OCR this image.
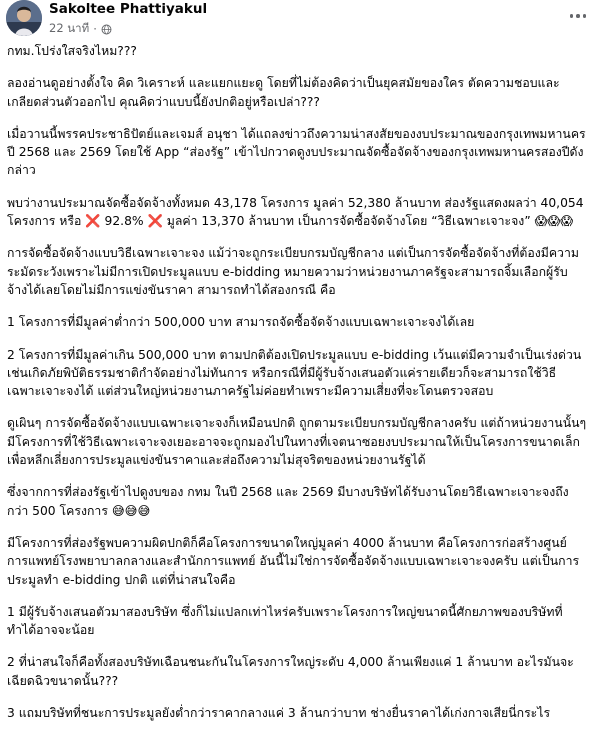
Sakoltee Phattiyakul
22 นาที ·

กทม.โปร่งใสจริงไหม???

ลองอ่านดูอย่างตั้งใจ คิด วิเคราะห์ และแยกแยะดู โดยที่ไม่ต้องคิดว่าเป็นยุคสมัยของใคร ตัดความชอบและเกลียดส่วนตัวออกไป คุณคิดว่าแบบนี้ยังปกติอยู่หรือเปล่า???

เมื่อวานนี้พรรคประชาธิปัตย์และเจมส์ อนุชา ได้แถลงข่าวถึงความน่าสงสัยของงบประมาณของกรุงเทพมหานครปี 2568 และ 2569 โดยใช้ App “ส่องรัฐ” เข้าไปกวาดดูงบประมาณจัดซื้อจัดจ้างของกรุงเทพมหานครสองปีดังกล่าว

พบว่างานประมาณจัดซื้อจัดจ้างทั้งหมด 43,178 โครงการ มูลค่า 52,380 ล้านบาท ส่องรัฐแสดงผลว่า 40,054 โครงการ หรือ ❌ 92.8% ❌ มูลค่า 13,370 ล้านบาท เป็นการจัดซื้อจัดจ้างโดย “วิธีเฉพาะเจาะจง” 😱😱😱

การจัดซื้อจัดจ้างแบบวิธีเฉพาะเจาะจง แม้ว่าจะถูกระเบียบกรมบัญชีกลาง แต่เป็นการจัดซื้อจัดจ้างที่ต้องมีความระมัดระวังเพราะไม่มีการเปิดประมูลแบบ e-bidding หมายความว่าหน่วยงานภาครัฐจะสามารถจิ้มเลือกผู้รับจ้างได้เลยโดยไม่มีการแข่งขันราคา สามารถทำได้สองกรณี คือ

1 โครงการที่มีมูลค่าต่ำกว่า 500,000 บาท สามารถจัดซื้อจัดจ้างแบบเฉพาะเจาะจงได้เลย

2 โครงการที่มีมูลค่าเกิน 500,000 บาท ตามปกติต้องเปิดประมูลแบบ e-bidding เว้นแต่มีความจำเป็นเร่งด่วน เช่นเกิดภัยพิบัติธรรมชาติกำจัดอย่างไม่ทันการ หรือกรณีที่มีผู้รับจ้างเสนอตัวแค่รายเดียวก็จะสามารถใช้วิธีเฉพาะเจาะจงได้ แต่ส่วนใหญ่หน่วยงานภาครัฐไม่ค่อยทำเพราะมีความเสี่ยงที่จะโดนตรวจสอบ

ดูเผินๆ การจัดซื้อจัดจ้างแบบเฉพาะเจาะจงก็เหมือนปกติ ถูกตามระเบียบกรมบัญชีกลางครับ แต่ถ้าหน่วยงานนั้นๆ มีโครงการที่ใช้วิธีเฉพาะเจาะจงเยอะอาจจะถูกมองไปในทางที่เจตนาซอยงบประมาณให้เป็นโครงการขนาดเล็กเพื่อหลีกเลี่ยงการประมูลแข่งขันราคาและส่อถึงความไม่สุจริตของหน่วยงานรัฐได้

ซึ่งจากการที่ส่องรัฐเข้าไปดูงบของ กทม ในปี 2568 และ 2569 มีบางบริษัทได้รับงานโดยวิธีเฉพาะเจาะจงถึงกว่า 500 โครงการ 😅😅😅

มีโครงการที่ส่องรัฐพบความผิดปกติก็คือโครงการขนาดใหญ่มูลค่า 4000 ล้านบาท คือโครงการก่อสร้างศูนย์การแพทย์โรงพยาบาลกลางและสำนักการแพทย์ อันนี้ไม่ใช่การจัดซื้อจัดจ้างแบบเฉพาะเจาะจงครับ แต่เป็นการประมูลทำ e-bidding ปกติ แต่ที่น่าสนใจคือ

1 มีผู้รับจ้างเสนอตัวมาสองบริษัท ซึ่งก็ไม่แปลกเท่าไหร่ครับเพราะโครงการใหญ่ขนาดนี้ศักยภาพของบริษัทที่ทำได้อาจจะน้อย

2 ที่น่าสนใจก็คือทั้งสองบริษัทเฉือนชนะกันในโครงการใหญ่ระดับ 4,000 ล้านเพียงแค่ 1 ล้านบาท อะไรมันจะเฉียดฉิวขนาดนั้น???

3 แถมบริษัทที่ชนะการประมูลยังต่ำกว่าราคากลางแค่ 3 ล้านกว่าบาท ช่างยื่นราคาได้เก่งกาจเสียนี่กระไร
